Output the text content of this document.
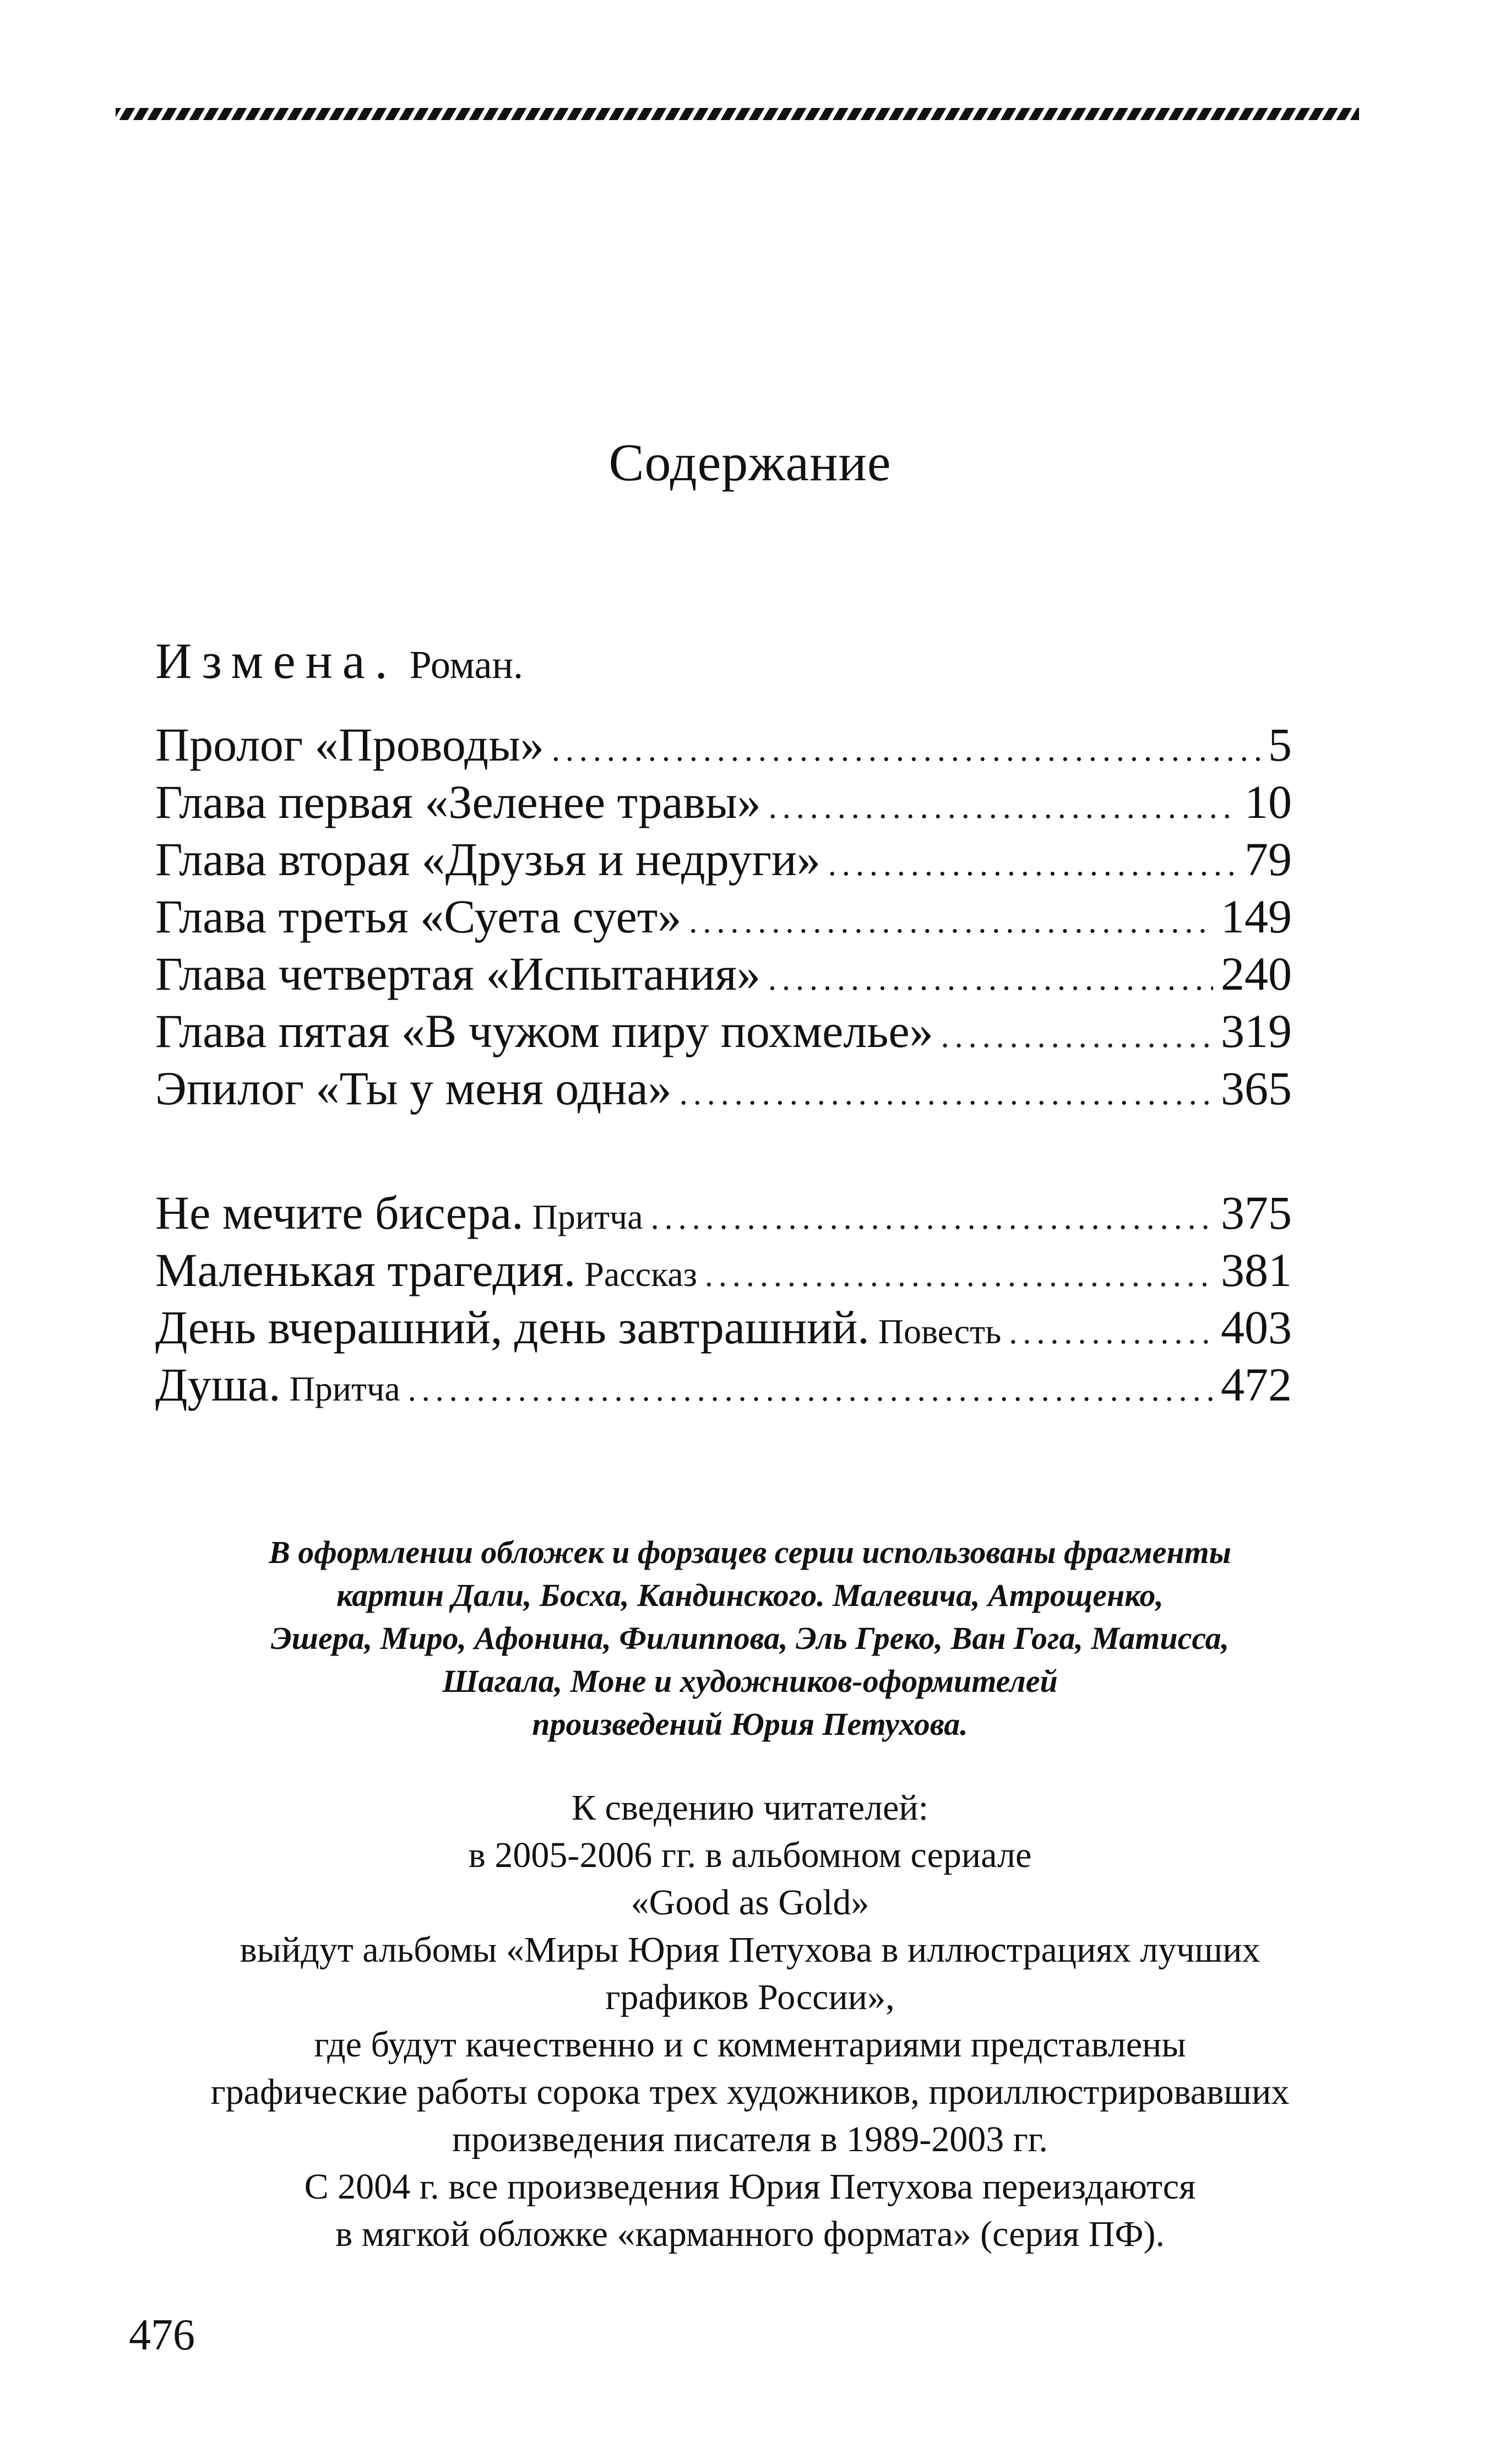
Содержание
Измена. Роман.
Пролог «Проводы» .....	5
Глава первая «Зеленее травы» .....	10
Глава вторая «Друзья и недруги» .....	79
Глава третья «Суета сует» .....	149
Глава четвертая «Испытания» .....	240
Глава пятая «В чужом пиру похмелье» .....	319
Эпилог «Ты у меня одна» .....	365
Не мечите бисера. Притча .....	375
Маленькая трагедия. Рассказ .....	381
День вчерашний, день завтрашний. Повесть .....	403
Душа. Притча .....	472
В оформлении обложек и форзацев серии использованы фрагменты
картин Дали, Босха, Кандинского. Малевича, Атрощенко,
Эшера, Миро, Афонина, Филиппова, Эль Греко, Ван Гога, Матисса,
Шагала, Моне и художников-оформителей
произведений Юрия Петухова.
К сведению читателей:
в 2005-2006 гг. в альбомном сериале
«Good as Gold»
выйдут альбомы «Миры Юрия Петухова в иллюстрациях лучших
графиков России»,
где будут качественно и с комментариями представлены
графические работы сорока трех художников, проиллюстрировавших
произведения писателя в 1989-2003 гг.
С 2004 г. все произведения Юрия Петухова переиздаются
в мягкой обложке «карманного формата» (серия ПФ).
476
